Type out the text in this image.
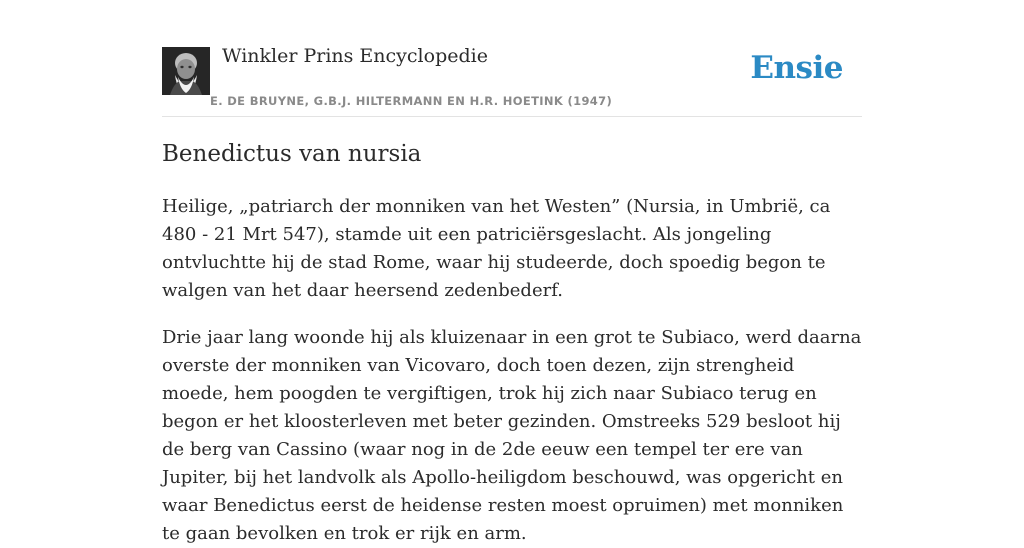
Winkler Prins Encyclopedie
E. DE BRUYNE, G.B.J. HILTERMANN EN H.R. HOETINK (1947)
Ensie
Benedictus van nursia

Heilige, „patriarch der monniken van het Westen” (Nursia, in Umbrië, ca 480 - 21 Mrt 547), stamde uit een patriciërsgeslacht. Als jongeling ontvluchtte hij de stad Rome, waar hij studeerde, doch spoedig begon te walgen van het daar heersend zedenbederf.

Drie jaar lang woonde hij als kluizenaar in een grot te Subiaco, werd daarna overste der monniken van Vicovaro, doch toen dezen, zijn strengheid moede, hem poogden te vergiftigen, trok hij zich naar Subiaco terug en begon er het kloosterleven met beter gezinden. Omstreeks 529 besloot hij de berg van Cassino (waar nog in de 2de eeuw een tempel ter ere van Jupiter, bij het landvolk als Apollo-heiligdom beschouwd, was opgericht en waar Benedictus eerst de heidense resten moest opruimen) met monniken te gaan bevolken en trok er rijk en arm.
